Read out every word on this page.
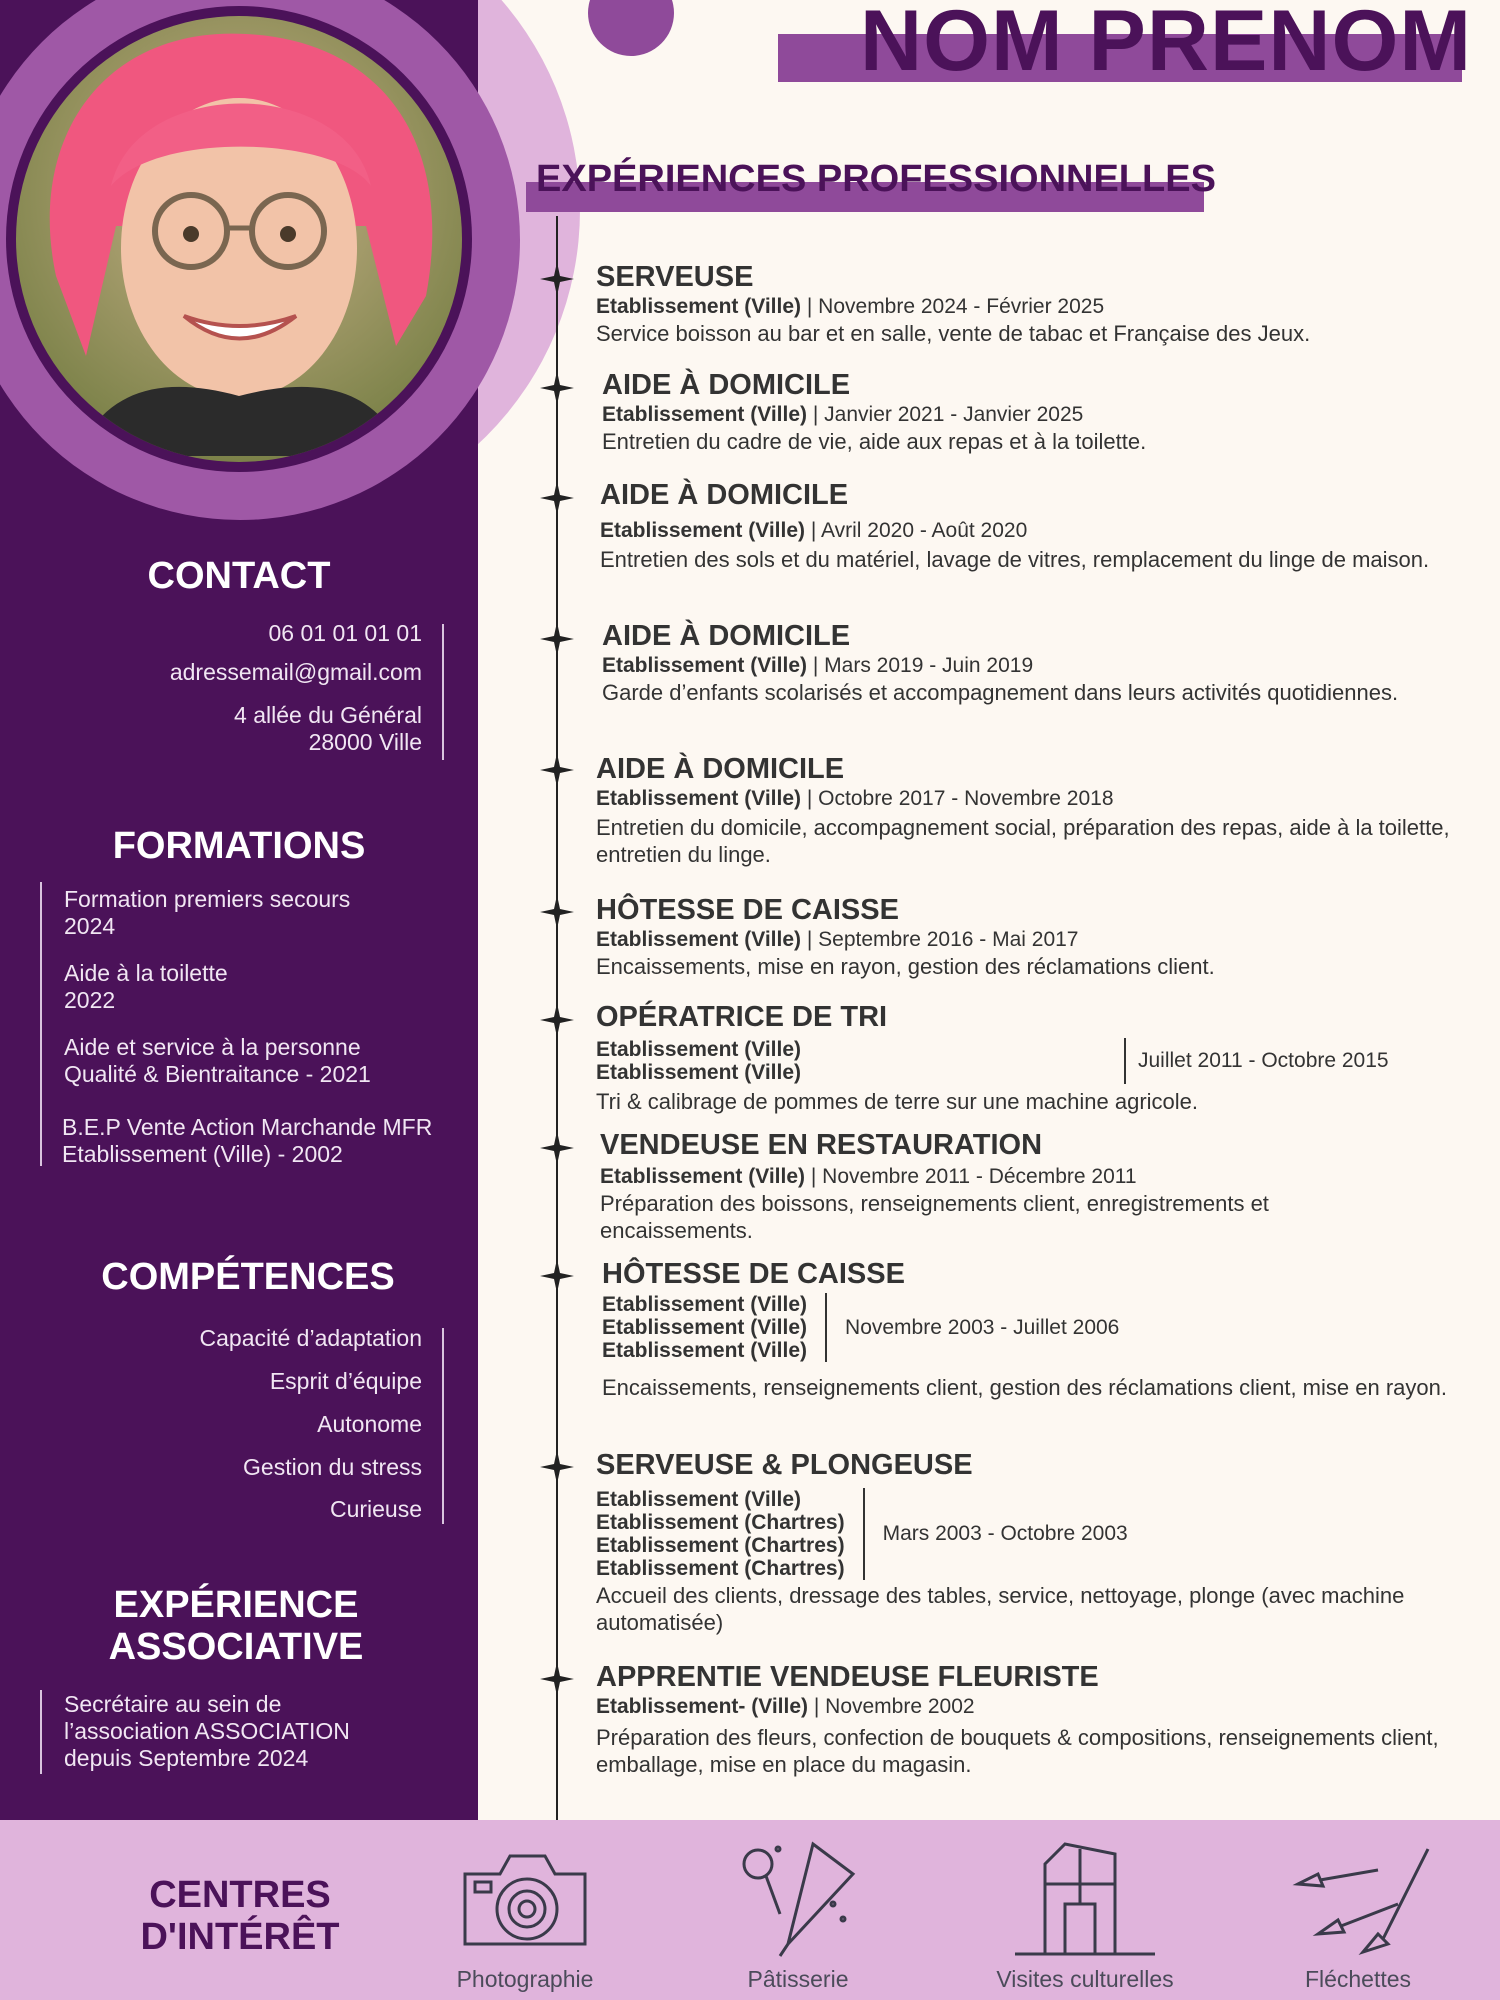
NOM PRENOM
CONTACT
06 01 01 01 01
adressemail@gmail.com
4 allée du Général
28000 Ville
FORMATIONS
Formation premiers secours
2024
Aide à la toilette
2022
Aide et service à la personne
Qualité & Bientraitance - 2021
B.E.P Vente Action Marchande MFR
Etablissement (Ville) - 2002
COMPÉTENCES
Capacité d’adaptation
Esprit d’équipe
Autonome
Gestion du stress
Curieuse
EXPÉRIENCE
ASSOCIATIVE
Secrétaire au sein de
l’association ASSOCIATION
depuis Septembre 2024
EXPÉRIENCES PROFESSIONNELLES
SERVEUSE
Etablissement (Ville) | Novembre 2024 - Février 2025
Service boisson au bar et en salle, vente de tabac et Française des Jeux.
AIDE À DOMICILE
Etablissement (Ville) | Janvier 2021 - Janvier 2025
Entretien du cadre de vie, aide aux repas et à la toilette.
AIDE À DOMICILE
Etablissement (Ville) | Avril 2020 - Août 2020
Entretien des sols et du matériel, lavage de vitres, remplacement du linge de maison.
AIDE À DOMICILE
Etablissement (Ville) | Mars 2019 - Juin 2019
Garde d’enfants scolarisés et accompagnement dans leurs activités quotidiennes.
AIDE À DOMICILE
Etablissement (Ville) | Octobre 2017 - Novembre 2018
Entretien du domicile, accompagnement social, préparation des repas, aide à la toilette, entretien du linge.
HÔTESSE DE CAISSE
Etablissement (Ville) | Septembre 2016 - Mai 2017
Encaissements, mise en rayon, gestion des réclamations client.
OPÉRATRICE DE TRI
Etablissement (Ville)
Etablissement (Ville)
Juillet 2011 - Octobre 2015
Tri & calibrage de pommes de terre sur une machine agricole.
VENDEUSE EN RESTAURATION
Etablissement (Ville) | Novembre 2011 - Décembre 2011
Préparation des boissons, renseignements client, enregistrements et encaissements.
HÔTESSE DE CAISSE
Etablissement (Ville)
Etablissement (Ville)
Etablissement (Ville)
Novembre 2003 - Juillet 2006
Encaissements, renseignements client, gestion des réclamations client, mise en rayon.
SERVEUSE & PLONGEUSE
Etablissement (Ville)
Etablissement (Chartres)
Etablissement (Chartres)
Etablissement (Chartres)
Mars 2003 - Octobre 2003
Accueil des clients, dressage des tables, service, nettoyage, plonge (avec machine automatisée)
APPRENTIE VENDEUSE FLEURISTE
Etablissement- (Ville) | Novembre 2002
Préparation des fleurs, confection de bouquets & compositions, renseignements client, emballage, mise en place du magasin.
CENTRES
D'INTÉRÊT
Photographie	Pâtisserie	Visites culturelles	Fléchettes
